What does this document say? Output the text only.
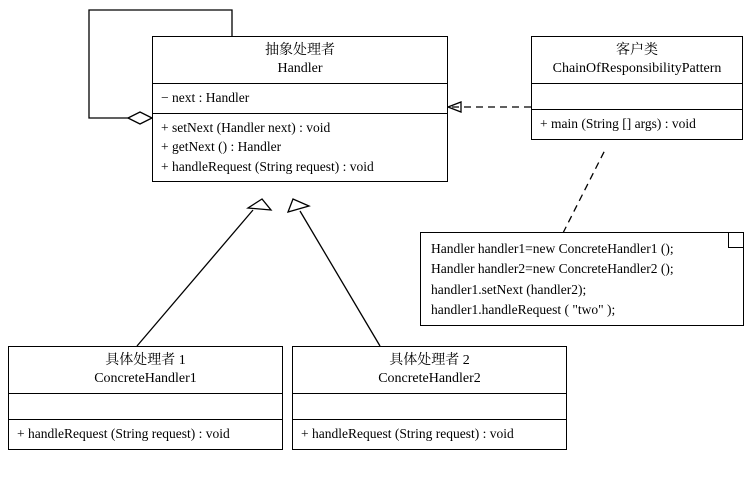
抽象处理者
Handler
− next : Handler
+ setNext (Handler next) : void
+ getNext () : Handler
+ handleRequest (String request) : void
客户类
ChainOfResponsibilityPattern
+ main (String [] args) : void
Handler handler1=new ConcreteHandler1 ();
Handler handler2=new ConcreteHandler2 ();
handler1.setNext (handler2);
handler1.handleRequest ( "two" );
具体处理者 1
ConcreteHandler1
+ handleRequest (String request) : void
具体处理者 2
ConcreteHandler2
+ handleRequest (String request) : void
